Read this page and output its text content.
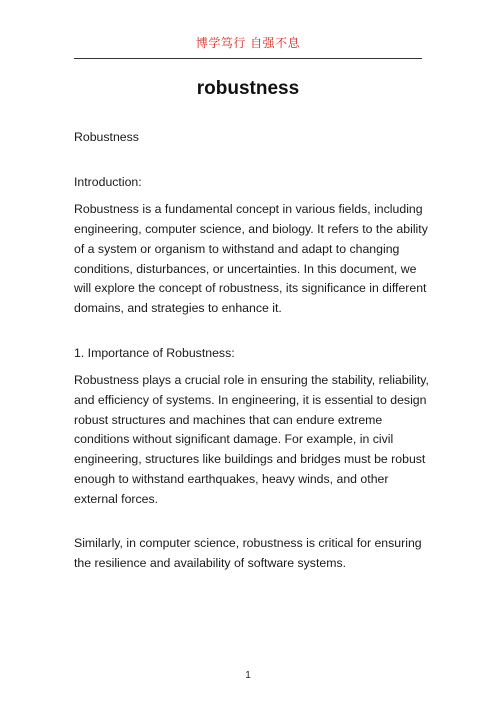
博学笃行 自强不息
robustness

Robustness

Introduction:

Robustness is a fundamental concept in various fields, including engineering, computer science, and biology. It refers to the ability of a system or organism to withstand and adapt to changing conditions, disturbances, or uncertainties. In this document, we will explore the concept of robustness, its significance in different domains, and strategies to enhance it.

1. Importance of Robustness:

Robustness plays a crucial role in ensuring the stability, reliability, and efficiency of systems. In engineering, it is essential to design robust structures and machines that can endure extreme conditions without significant damage. For example, in civil engineering, structures like buildings and bridges must be robust enough to withstand earthquakes, heavy winds, and other external forces.

Similarly, in computer science, robustness is critical for ensuring the resilience and availability of software systems.

1
